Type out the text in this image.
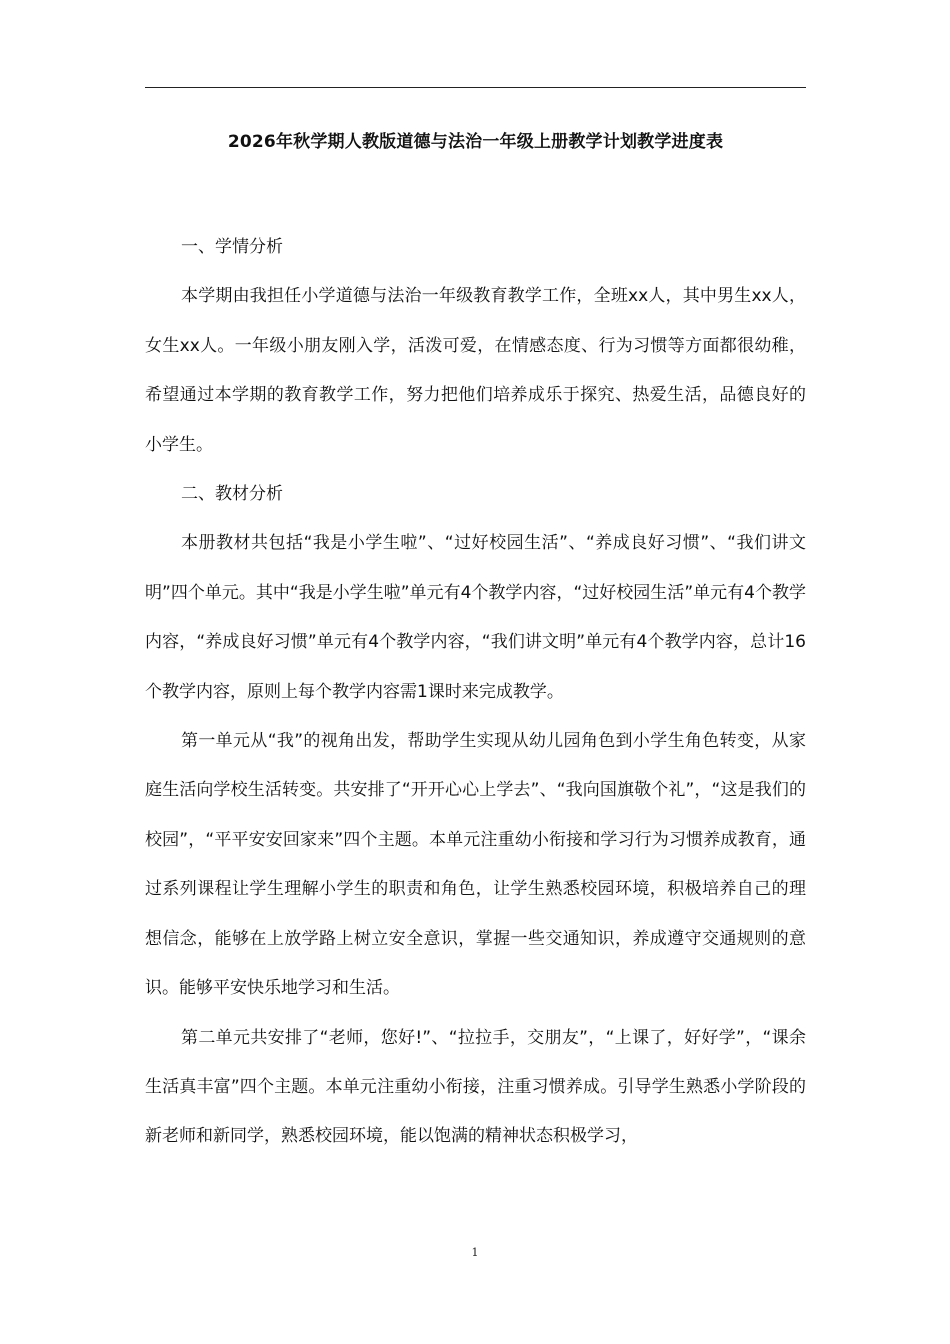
2026年秋学期人教版道德与法治一年级上册教学计划教学进度表

一、学情分析

本学期由我担任小学道德与法治一年级教育教学工作，全班xx人，其中男生xx人，女生xx人。一年级小朋友刚入学，活泼可爱，在情感态度、行为习惯等方面都很幼稚，希望通过本学期的教育教学工作，努力把他们培养成乐于探究、热爱生活，品德良好的小学生。

二、教材分析

本册教材共包括“我是小学生啦”、“过好校园生活”、“养成良好习惯”、“我们讲文明”四个单元。其中“我是小学生啦”单元有4个教学内容，“过好校园生活”单元有4个教学内容，“养成良好习惯”单元有4个教学内容，“我们讲文明”单元有4个教学内容，总计16个教学内容，原则上每个教学内容需1课时来完成教学。

第一单元从“我”的视角出发，帮助学生实现从幼儿园角色到小学生角色转变，从家庭生活向学校生活转变。共安排了“开开心心上学去”、“我向国旗敬个礼”，“这是我们的校园”，“平平安安回家来”四个主题。本单元注重幼小衔接和学习行为习惯养成教育，通过系列课程让学生理解小学生的职责和角色，让学生熟悉校园环境，积极培养自己的理想信念，能够在上放学路上树立安全意识，掌握一些交通知识，养成遵守交通规则的意识。能够平安快乐地学习和生活。

第二单元共安排了“老师，您好!”、“拉拉手，交朋友”，“上课了，好好学”，“课余生活真丰富”四个主题。本单元注重幼小衔接，注重习惯养成。引导学生熟悉小学阶段的新老师和新同学，熟悉校园环境，能以饱满的精神状态积极学习，

1
